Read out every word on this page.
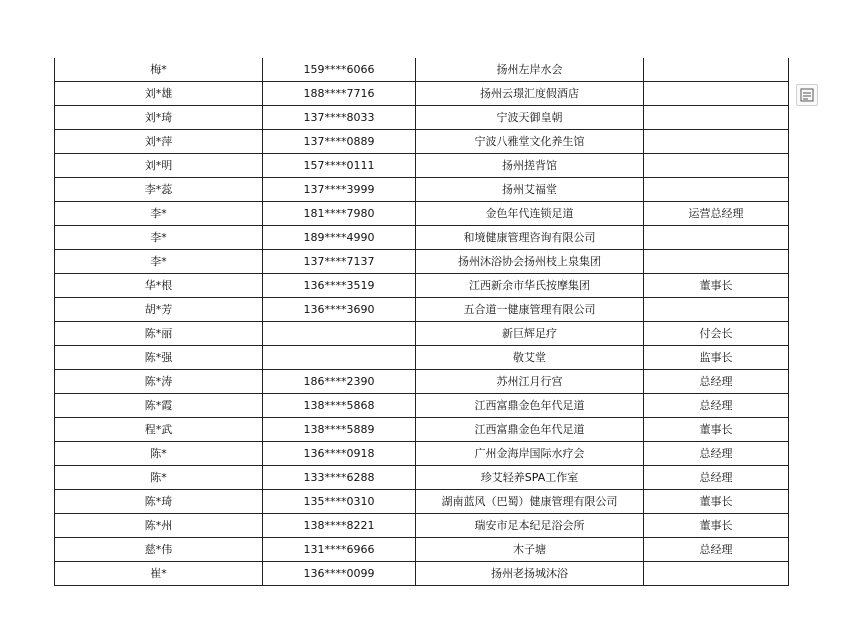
梅*	159****6066	扬州左岸水会	
刘*雄	188****7716	扬州云璟汇度假酒店	
刘*琦	137****8033	宁波天御皇朝	
刘*萍	137****0889	宁波八雅堂文化养生馆	
刘*明	157****0111	扬州搓背馆	
李*蕊	137****3999	扬州艾福堂	
李*	181****7980	金色年代连锁足道	运营总经理
李*	189****4990	和境健康管理咨询有限公司	
李*	137****7137	扬州沐浴协会扬州枝上泉集团	
华*根	136****3519	江西新余市华氏按摩集团	董事长
胡*芳	136****3690	五合道一健康管理有限公司	
陈*丽		新巨辉足疗	付会长
陈*强		敬艾堂	监事长
陈*涛	186****2390	苏州江月行宫	总经理
陈*霞	138****5868	江西富鼎金色年代足道	总经理
程*武	138****5889	江西富鼎金色年代足道	董事长
陈*	136****0918	广州金海岸国际水疗会	总经理
陈*	133****6288	珍艾轻养SPA工作室	总经理
陈*琦	135****0310	湖南蓝风（巴蜀）健康管理有限公司	董事长
陈*州	138****8221	瑞安市足本纪足浴会所	董事长
慈*伟	131****6966	木子塘	总经理
崔*	136****0099	扬州老扬城沐浴	
